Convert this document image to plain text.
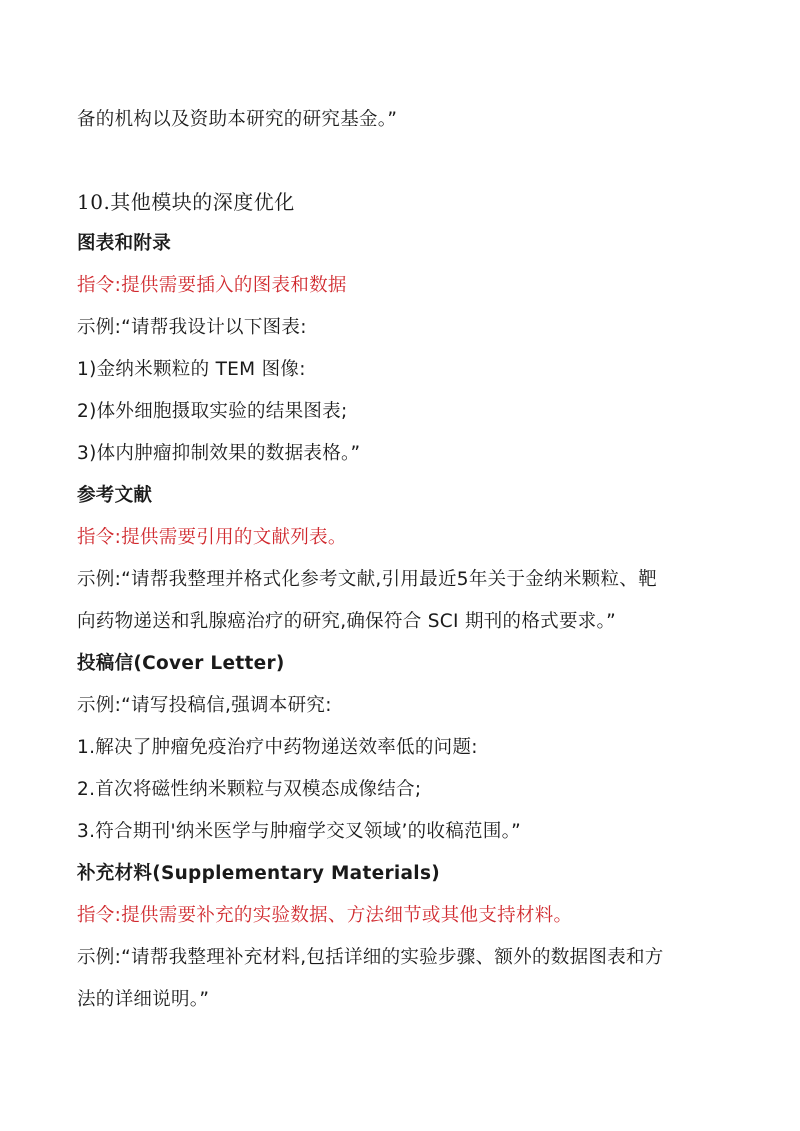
备的机构以及资助本研究的研究基金。”
10.其他模块的深度优化
图表和附录
指令:提供需要插入的图表和数据
示例:“请帮我设计以下图表:
1)金纳米颗粒的 TEM 图像:
2)体外细胞摄取实验的结果图表;
3)体内肿瘤抑制效果的数据表格。”
参考文献
指令:提供需要引用的文献列表。
示例:“请帮我整理并格式化参考文献,引用最近5年关于金纳米颗粒、靶
向药物递送和乳腺癌治疗的研究,确保符合 SCI 期刊的格式要求。”
投稿信(Cover Letter)
示例:“请写投稿信,强调本研究:
1.解决了肿瘤免疫治疗中药物递送效率低的问题:
2.首次将磁性纳米颗粒与双模态成像结合;
3.符合期刊'纳米医学与肿瘤学交叉领域’的收稿范围。”
补充材料(Supplementary Materials)
指令:提供需要补充的实验数据、方法细节或其他支持材料。
示例:“请帮我整理补充材料,包括详细的实验步骤、额外的数据图表和方
法的详细说明。”
